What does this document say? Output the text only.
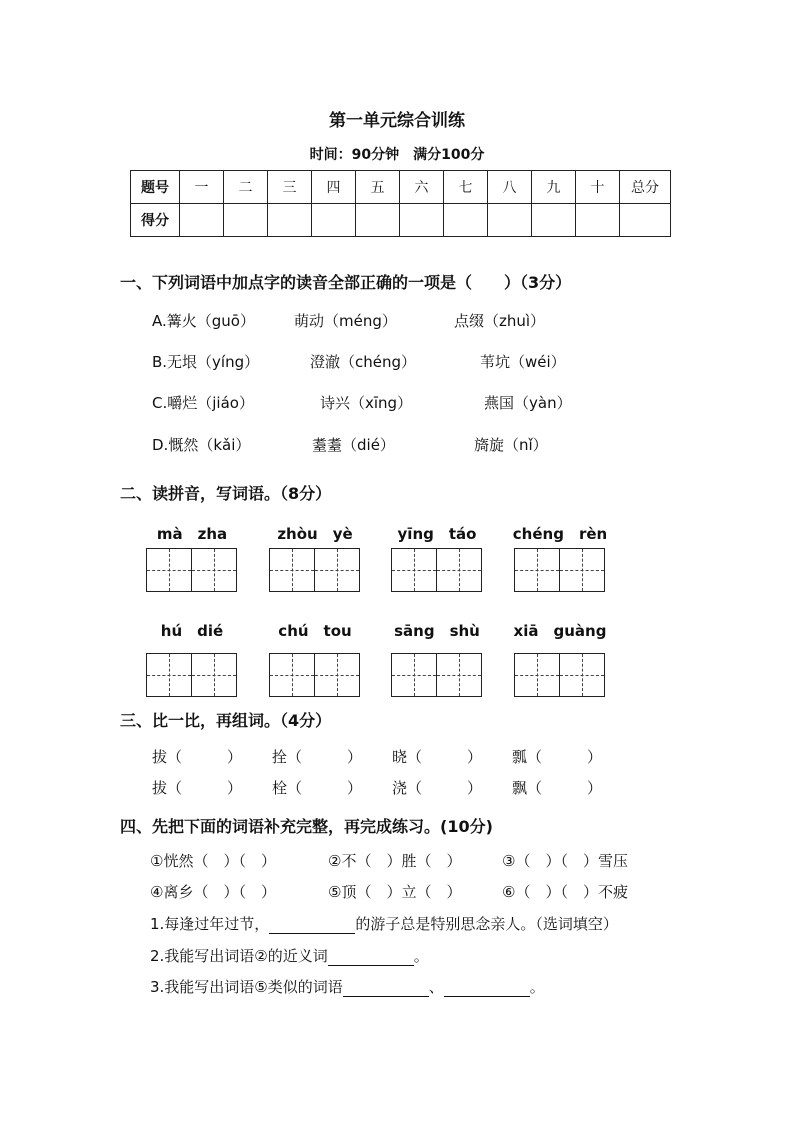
第一单元综合训练
时间：90分钟　满分100分
题号	一	二	三	四	五	六	七	八	九	十	总分
得分											
一、下列词语中加点字的读音全部正确的一项是（　　）（3分）
A.篝火（guō）	萌动（méng）	点缀（zhuì）
B.无垠（yíng）	澄澈（chéng）	苇坑（wéi）
C.嚼烂（jiáo）	诗兴（xīng）	燕国（yàn）
D.慨然（kǎi）	耋耋（dié）	旖旋（nǐ）
二、读拼音，写词语。（8分）
mà　zha	zhòu　yè	yīng　táo	chéng　rèn
hú　dié	chú　tou	sāng　shù	xiā　guàng
三、比一比，再组词。（4分）
拔（　　　） 拴（　　　） 晓（　　　） 瓢（　　　）
拔（　　　） 栓（　　　） 浇（　　　） 飘（　　　）
四、先把下面的词语补充完整，再完成练习。(10分)
①恍然（　）（　）	②不（　）胜（　）	③（　）（　）雪压
④离乡（　）（　）	⑤顶（　）立（　）	⑥（　）（　）不疲
1.每逢过年过节，	的游子总是特别思念亲人。（选词填空）
2.我能写出词语②的近义词	。
3.我能写出词语⑤类似的词语	、	。
